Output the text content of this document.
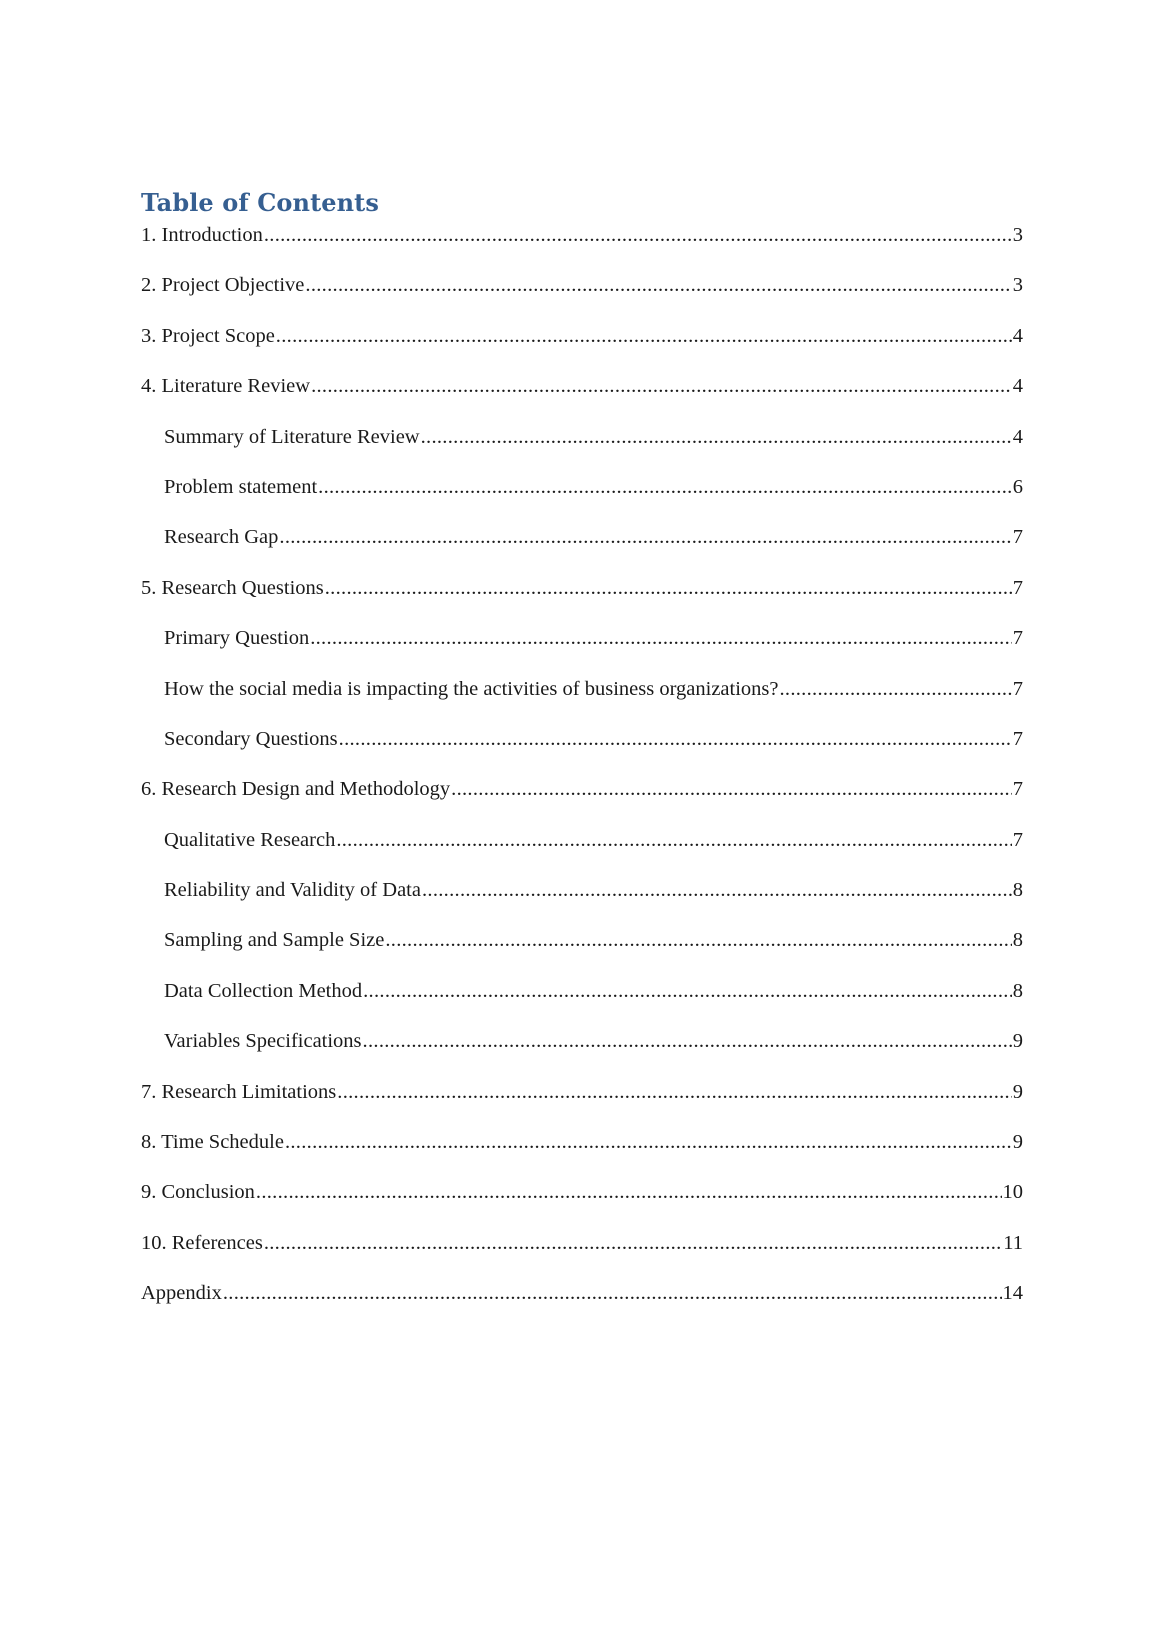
Table of Contents
1. Introduction .....	3
2. Project Objective .....	3
3. Project Scope .....	4
4. Literature Review .....	4
Summary of Literature Review .....	4
Problem statement .....	6
Research Gap .....	7
5. Research Questions .....	7
Primary Question .....	7
How the social media is impacting the activities of business organizations? .....	7
Secondary Questions .....	7
6. Research Design and Methodology .....	7
Qualitative Research .....	7
Reliability and Validity of Data .....	8
Sampling and Sample Size .....	8
Data Collection Method .....	8
Variables Specifications .....	9
7. Research Limitations .....	9
8. Time Schedule .....	9
9. Conclusion .....	10
10. References .....	11
Appendix .....	14
